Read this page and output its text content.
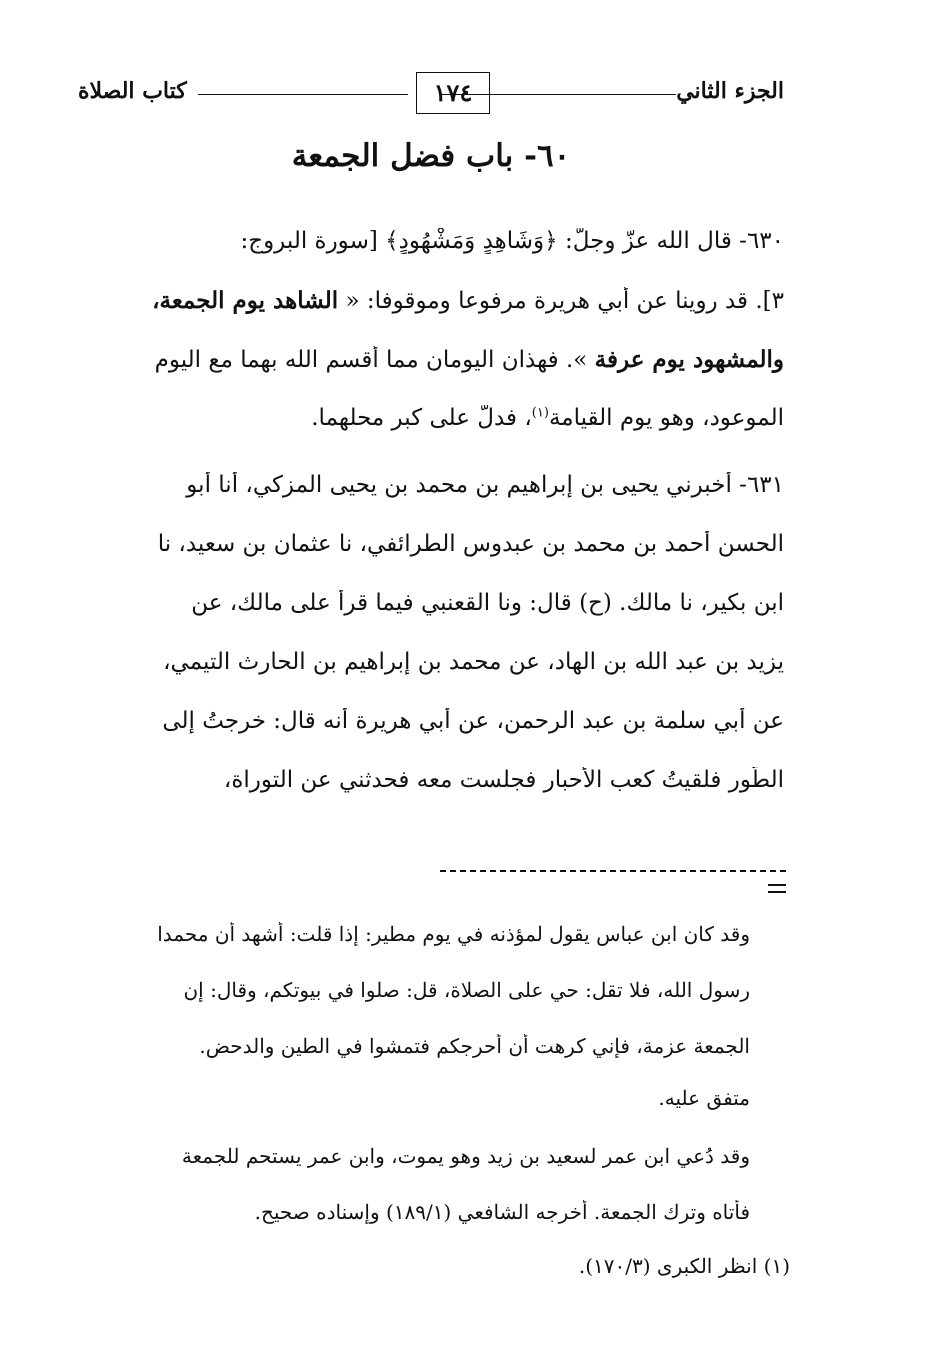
الجزء الثاني
١٧٤
كتاب الصلاة
٦٠- باب فضل الجمعة
٦٣٠- قال الله عزّ وجلّ: ﴿وَشَاهِدٍ وَمَشْهُودٍ﴾ [سورة البروج:
٣]. قد روينا عن أبي هريرة مرفوعا وموقوفا: « الشاهد يوم الجمعة،
والمشهود يوم عرفة ». فهذان اليومان مما أقسم الله بهما مع اليوم
الموعود، وهو يوم القيامة$^{(١)}$، فدلَّ على كبر محلهما.
٦٣١- أخبرني يحيى بن إبراهيم بن محمد بن يحيى المزكي، أنا أبو
الحسن أحمد بن محمد بن عبدوس الطرائفي، نا عثمان بن سعيد، نا
ابن بكير، نا مالك. (ح) قال: ونا القعنبي فيما قرأ على مالك، عن
يزيد بن عبد الله بن الهاد، عن محمد بن إبراهيم بن الحارث التيمي،
عن أبي سلمة بن عبد الرحمن، عن أبي هريرة أنه قال: خرجتُ إلى
الطُّور فلقيتُ كعب الأحبار فجلست معه فحدثني عن التوراة،
وقد كان ابن عباس يقول لمؤذنه في يوم مطير: إذا قلت: أشهد أن محمدا
رسول الله، فلا تقل: حي على الصلاة، قل: صلوا في بيوتكم، وقال: إن
الجمعة عزمة، فإني كرهت أن أحرجكم فتمشوا في الطين والدحض.
متفق عليه.
وقد دُعي ابن عمر لسعيد بن زيد وهو يموت، وابن عمر يستحم للجمعة
فأتاه وترك الجمعة. أخرجه الشافعي (١٨٩/١) وإسناده صحيح.
(١) انظر الكبرى (١٧٠/٣).
